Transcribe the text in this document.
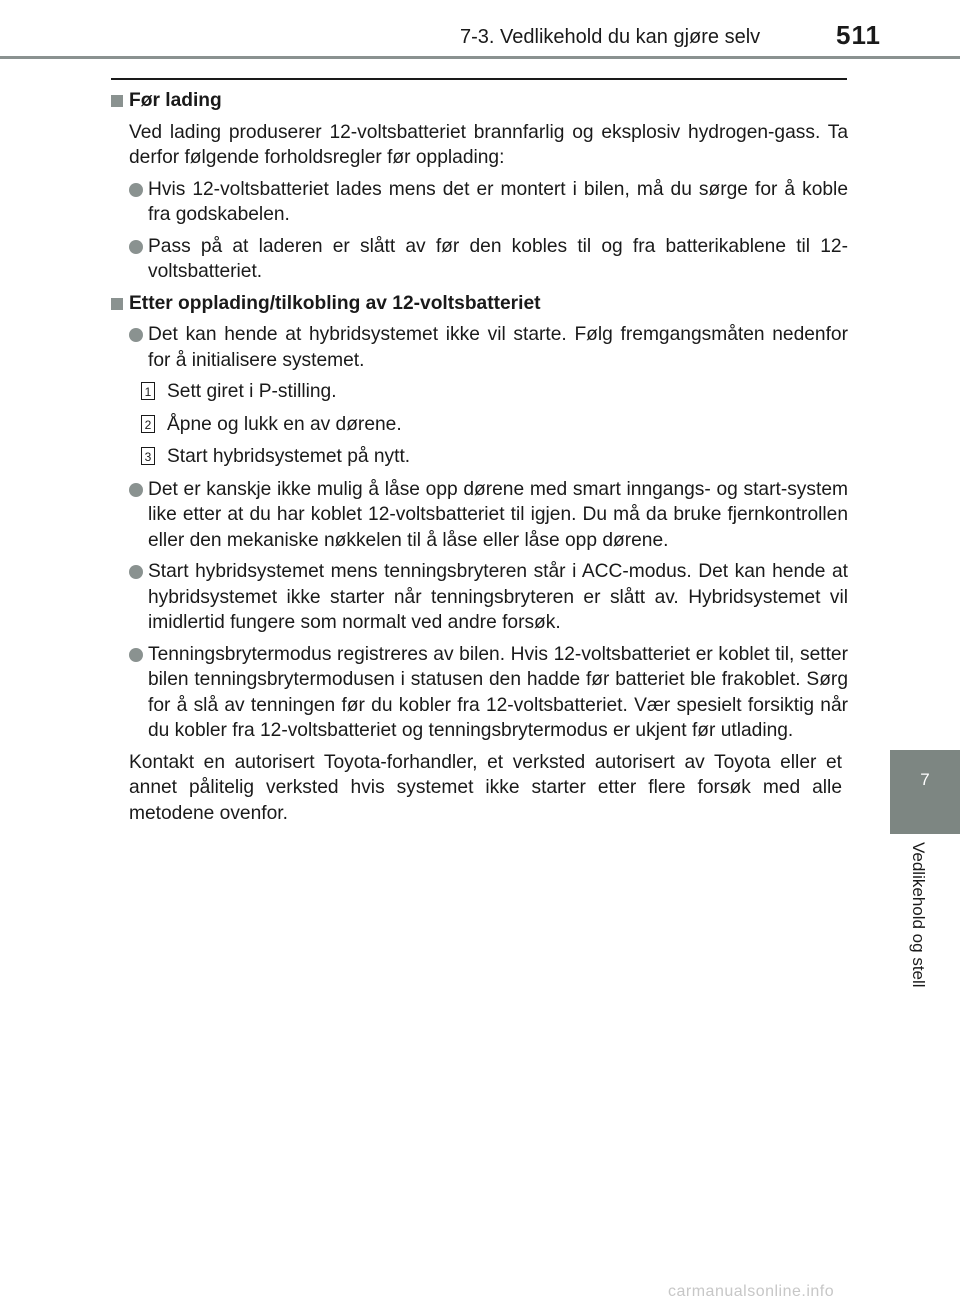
7-3. Vedlikehold du kan gjøre selv	511
7
Vedlikehold og stell
Før lading
Ved lading produserer 12-voltsbatteriet brannfarlig og eksplosiv hydrogen-gass. Ta derfor følgende forholdsregler før opplading:
Hvis 12-voltsbatteriet lades mens det er montert i bilen, må du sørge for å koble fra godskabelen.
Pass på at laderen er slått av før den kobles til og fra batterikablene til 12-voltsbatteriet.
Etter opplading/tilkobling av 12-voltsbatteriet
Det kan hende at hybridsystemet ikke vil starte. Følg fremgangsmåten nedenfor for å initialisere systemet.
1 Sett giret i P-stilling.
2 Åpne og lukk en av dørene.
3 Start hybridsystemet på nytt.
Det er kanskje ikke mulig å låse opp dørene med smart inngangs- og start-system like etter at du har koblet 12-voltsbatteriet til igjen. Du må da bruke fjernkontrollen eller den mekaniske nøkkelen til å låse eller låse opp dørene.
Start hybridsystemet mens tenningsbryteren står i ACC-modus. Det kan hende at hybridsystemet ikke starter når tenningsbryteren er slått av. Hybridsystemet vil imidlertid fungere som normalt ved andre forsøk.
Tenningsbrytermodus registreres av bilen. Hvis 12-voltsbatteriet er koblet til, setter bilen tenningsbrytermodusen i statusen den hadde før batteriet ble frakoblet. Sørg for å slå av tenningen før du kobler fra 12-voltsbatteriet. Vær spesielt forsiktig når du kobler fra 12-voltsbatteriet og tenningsbrytermodus er ukjent før utlading.
Kontakt en autorisert Toyota-forhandler, et verksted autorisert av Toyota eller et annet pålitelig verksted hvis systemet ikke starter etter flere forsøk med alle metodene ovenfor.
carmanualsonline.info
